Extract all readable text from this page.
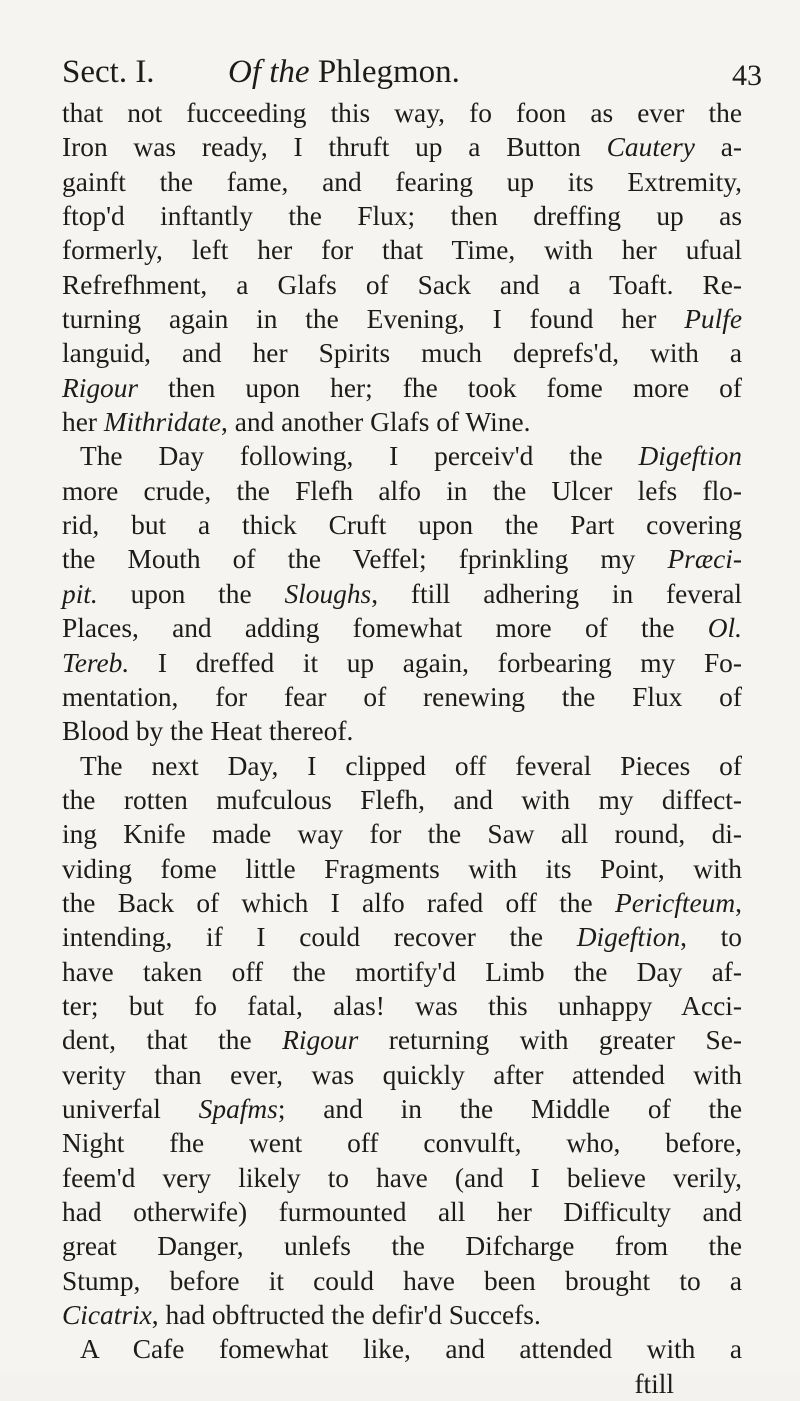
Sect. I. Of the Phlegmon.	43
that not fucceeding this way, fo foon as ever the
Iron was ready, I thruft up a Button Cautery a-
gainft the fame, and fearing up its Extremity,
ftop'd inftantly the Flux; then dreffing up as
formerly, left her for that Time, with her ufual
Refrefhment, a Glafs of Sack and a Toaft. Re-
turning again in the Evening, I found her Pulfe
languid, and her Spirits much deprefs'd, with a
Rigour then upon her; fhe took fome more of
her Mithridate, and another Glafs of Wine.
The Day following, I perceiv'd the Digeftion
more crude, the Flefh alfo in the Ulcer lefs flo-
rid, but a thick Cruft upon the Part covering
the Mouth of the Veffel; fprinkling my Præci-
pit. upon the Sloughs, ftill adhering in feveral
Places, and adding fomewhat more of the Ol.
Tereb. I dreffed it up again, forbearing my Fo-
mentation, for fear of renewing the Flux of
Blood by the Heat thereof.
The next Day, I clipped off feveral Pieces of
the rotten mufculous Flefh, and with my diffect-
ing Knife made way for the Saw all round, di-
viding fome little Fragments with its Point, with
the Back of which I alfo rafed off the Pericfteum,
intending, if I could recover the Digeftion, to
have taken off the mortify'd Limb the Day af-
ter; but fo fatal, alas! was this unhappy Acci-
dent, that the Rigour returning with greater Se-
verity than ever, was quickly after attended with
univerfal Spafms; and in the Middle of the
Night fhe went off convulft, who, before,
feem'd very likely to have (and I believe verily,
had otherwife) furmounted all her Difficulty and
great Danger, unlefs the Difcharge from the
Stump, before it could have been brought to a
Cicatrix, had obftructed the defir'd Succefs.
A Cafe fomewhat like, and attended with a
ftill
